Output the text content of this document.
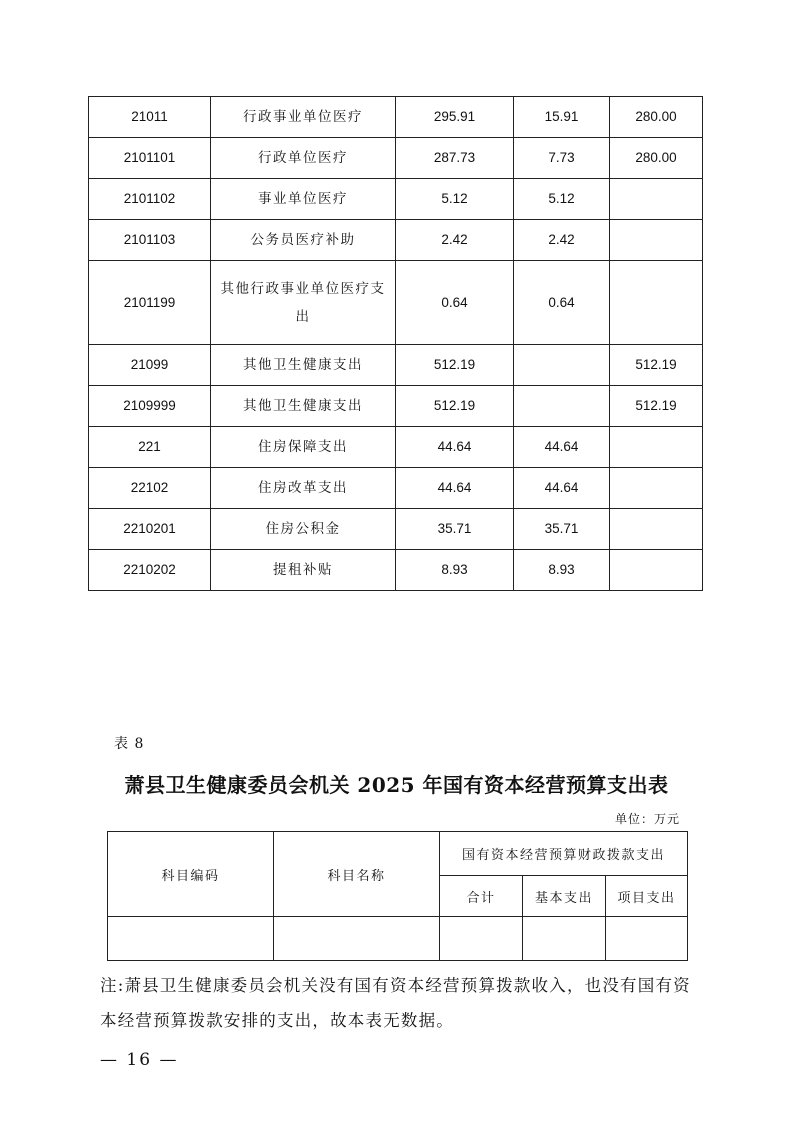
21011	行政事业单位医疗	295.91	15.91	280.00
2101101	行政单位医疗	287.73	7.73	280.00
2101102	事业单位医疗	5.12	5.12	
2101103	公务员医疗补助	2.42	2.42	
2101199	其他行政事业单位医疗支出	0.64	0.64	
21099	其他卫生健康支出	512.19		512.19
2109999	其他卫生健康支出	512.19		512.19
221	住房保障支出	44.64	44.64	
22102	住房改革支出	44.64	44.64	
2210201	住房公积金	35.71	35.71	
2210202	提租补贴	8.93	8.93	
表 8
萧县卫生健康委员会机关 2025 年国有资本经营预算支出表
单位：万元
科目编码	科目名称	国有资本经营预算财政拨款支出		
		合计	基本支出	项目支出

注:萧县卫生健康委员会机关没有国有资本经营预算拨款收入，也没有国有资本经营预算拨款安排的支出，故本表无数据。
— 16 —
